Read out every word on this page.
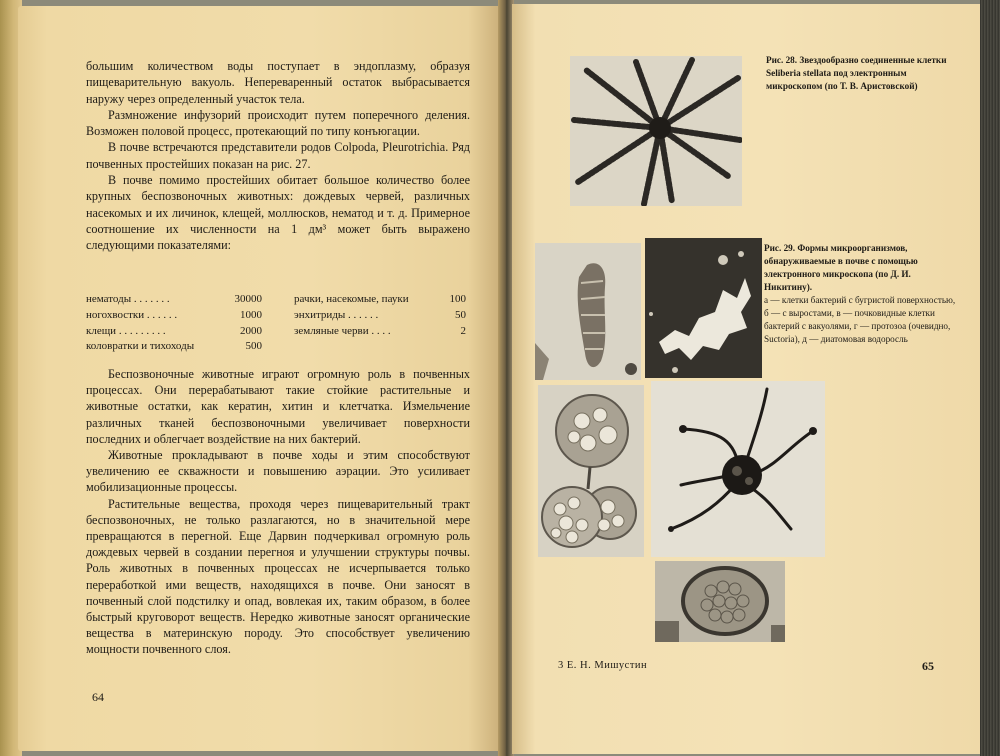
большим количеством воды поступает в эндоплазму, образуя пищеварительную вакуоль. Непереваренный остаток выбрасывается наружу через определенный участок тела.

Размножение инфузорий происходит путем поперечного деления. Возможен половой процесс, протекающий по типу конъюгации.

В почве встречаются представители родов Colpoda, Pleurotrichia. Ряд почвенных простейших показан на рис. 27.

В почве помимо простейших обитает большое количество более крупных беспозвоночных животных: дождевых червей, различных насекомых и их личинок, клещей, моллюсков, нематод и т. д. Примерное соотношение их численности на 1 дм³ может быть выражено следующими показателями:

нематоды . . . . . . .	30000
ногохвостки . . . . . .	1000
клещи . . . . . . . . .	2000
коловратки и тихоходы	500
рачки, насекомые, пауки	100
энхитриды . . . . . .	50
земляные черви . . . .	2

Беспозвоночные животные играют огромную роль в почвенных процессах. Они перерабатывают такие стойкие растительные и животные остатки, как кератин, хитин и клетчатка. Измельчение различных тканей беспозвоночными увеличивает поверхности последних и облегчает воздействие на них бактерий.

Животные прокладывают в почве ходы и этим способствуют увеличению ее скважности и повышению аэрации. Это усиливает мобилизационные процессы.

Растительные вещества, проходя через пищеварительный тракт беспозвоночных, не только разлагаются, но в значительной мере превращаются в перегной. Еще Дарвин подчеркивал огромную роль дождевых червей в создании перегноя и улучшении структуры почвы. Роль животных в почвенных процессах не исчерпывается только переработкой ими веществ, находящихся в почве. Они заносят в почвенный слой подстилку и опад, вовлекая их, таким образом, в более быстрый круговорот веществ. Нередко животные заносят органические вещества в материнскую породу. Это способствует увеличению мощности почвенного слоя.

64
Рис. 28. Звездообразно соединенные клетки Seliberia stellata под электронным микроскопом (по Т. В. Аристовской)
Рис. 29. Формы микроорганизмов, обнаруживаемые в почве с помощью электронного микроскопа (по Д. И. Никитину).
а — клетки бактерий с бугристой поверхностью, б — с выростами, в — почковидные клетки бактерий с вакуолями, г — протозоа (очевидно, Suctoria), д — диатомовая водоросль
3 Е. Н. Мишустин	65
